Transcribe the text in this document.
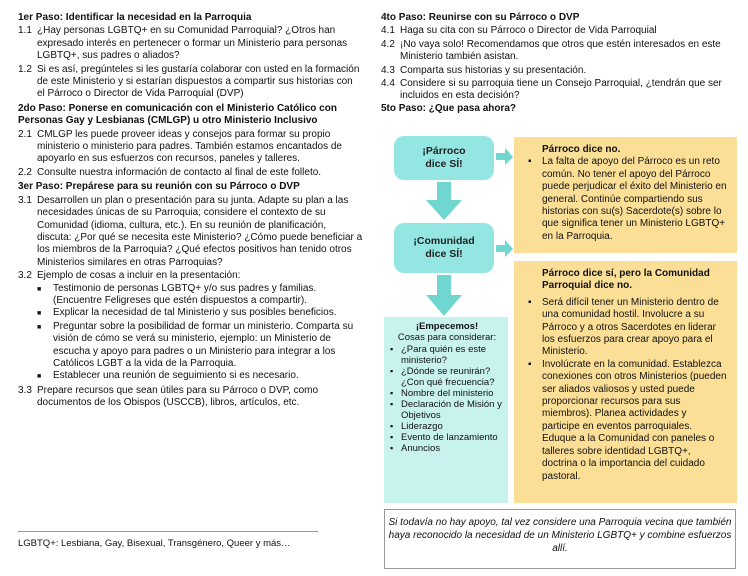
1er Paso: Identificar la necesidad en la Parroquia
1.1 ¿Hay personas LGBTQ+ en su Comunidad Parroquial? ¿Otros han expresado interés en pertenecer o formar un Ministerio para personas LGBTQ+, sus padres o aliados?
1.2 Si es así, pregúnteles si les gustaría colaborar con usted en la formación de este Ministerio y si estarían dispuestos a compartir sus historias con el Párroco o Director de Vida Parroquial (DVP)
2do Paso: Ponerse en comunicación con el Ministerio Católico con Personas Gay y Lesbianas (CMLGP) u otro Ministerio Inclusivo
2.1 CMLGP les puede proveer ideas y consejos para formar su propio ministerio o ministerio para padres. También estamos encantados de apoyarlo en sus esfuerzos con recursos, paneles y talleres.
2.2 Consulte nuestra información de contacto al final de este folleto.
3er Paso: Prepárese para su reunión con su Párroco o DVP
3.1 Desarrollen un plan o presentación para su junta. Adapte su plan a las necesidades únicas de su Parroquia; considere el contexto de su Comunidad (idioma, cultura, etc.). En su reunión de planificación, discuta: ¿Por qué se necesita este Ministerio? ¿Cómo puede beneficiar a los miembros de la Parroquia? ¿Qué efectos positivos han tenido otros Ministerios similares en otras Parroquias?
3.2 Ejemplo de cosas a incluir en la presentación:
■	Testimonio de personas LGBTQ+ y/o sus padres y familias. (Encuentre Feligreses que estén dispuestos a compartir).
■	Explicar la necesidad de tal Ministerio y sus posibles beneficios.
■	Preguntar sobre la posibilidad de formar un ministerio. Comparta su visión de cómo se verá su ministerio, ejemplo: un Ministerio de escucha y apoyo para padres o un Ministerio para integrar a los Católicos LGBT a la vida de la Parroquia.
■	Establecer una reunión de seguimiento si es necesario.
3.3 Prepare recursos que sean útiles para su Párroco o DVP, como documentos de los Obispos (USCCB), libros, artículos, etc.
LGBTQ+: Lesbiana, Gay, Bisexual, Transgénero, Queer y más…
4to Paso: Reunirse con su Párroco o DVP
4.1 Haga su cita con su Párroco o Director de Vida Parroquial
4.2 ¡No vaya solo! Recomendamos que otros que estén interesados en este Ministerio también asistan.
4.3 Comparta sus historias y su presentación.
4.4 Considere si su parroquia tiene un Consejo Parroquial, ¿tendrán que ser incluidos en esta decisión?
5to Paso: ¿Que pasa ahora?
¡Párroco dice SÍ!
¡Comunidad dice SÍ!
¡Empecemos!
Cosas para considerar:
▪ ¿Para quién es este ministerio?
▪ ¿Dónde se reunirán? ¿Con qué frecuencia?
▪ Nombre del ministerio
▪ Declaración de Misión y Objetivos
▪ Liderazgo
▪ Evento de lanzamiento
▪ Anuncios
Párroco dice no.
▪	La falta de apoyo del Párroco es un reto común. No tener el apoyo del Párroco puede perjudicar el éxito del Ministerio en general. Continúe compartiendo sus historias con su(s) Sacerdote(s) sobre lo que significa tener un Ministerio LGBTQ+ en la Parroquia.
Párroco dice sí, pero la Comunidad Parroquial dice no.
▪	Será difícil tener un Ministerio dentro de una comunidad hostil. Involucre a su Párroco y a otros Sacerdotes en liderar los esfuerzos para crear apoyo para el Ministerio.
▪	Involúcrate en la comunidad. Establezca conexiones con otros Ministerios (pueden ser aliados valiosos y usted puede proporcionar recursos para sus miembros). Planea actividades y participe en eventos parroquiales. Eduque a la Comunidad con paneles o talleres sobre identidad LGBTQ+, doctrina o la importancia del cuidado pastoral.
Si todavía no hay apoyo, tal vez considere una Parroquia vecina que también haya reconocido la necesidad de un Ministerio LGBTQ+ y combine esfuerzos allí.
